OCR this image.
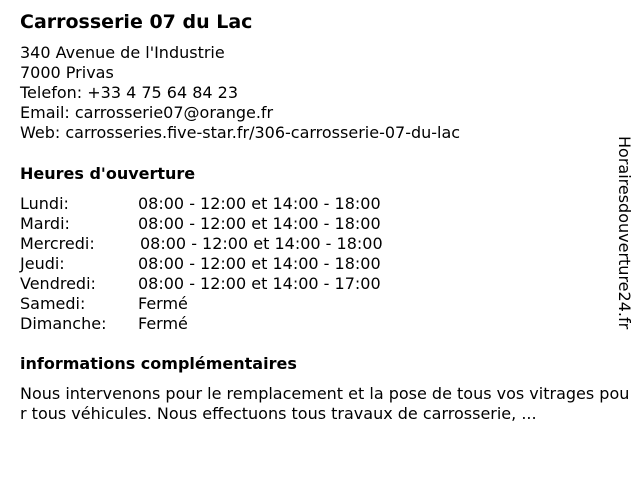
Carrosserie 07 du Lac
340 Avenue de l'Industrie
7000 Privas
Telefon: +33 4 75 64 84 23
Email: carrosserie07@orange.fr
Web: carrosseries.five-star.fr/306-carrosserie-07-du-lac
Heures d'ouverture
Lundi:	08:00 - 12:00 et 14:00 - 18:00
Mardi:	08:00 - 12:00 et 14:00 - 18:00
Mercredi:	08:00 - 12:00 et 14:00 - 18:00
Jeudi:	08:00 - 12:00 et 14:00 - 18:00
Vendredi:	08:00 - 12:00 et 14:00 - 17:00
Samedi:	Fermé
Dimanche: Fermé
informations complémentaires
Nous intervenons pour le remplacement et la pose de tous vos vitrages pour tous véhicules. Nous effectuons tous travaux de carrosserie, ...
Horairesdouverture24.fr
